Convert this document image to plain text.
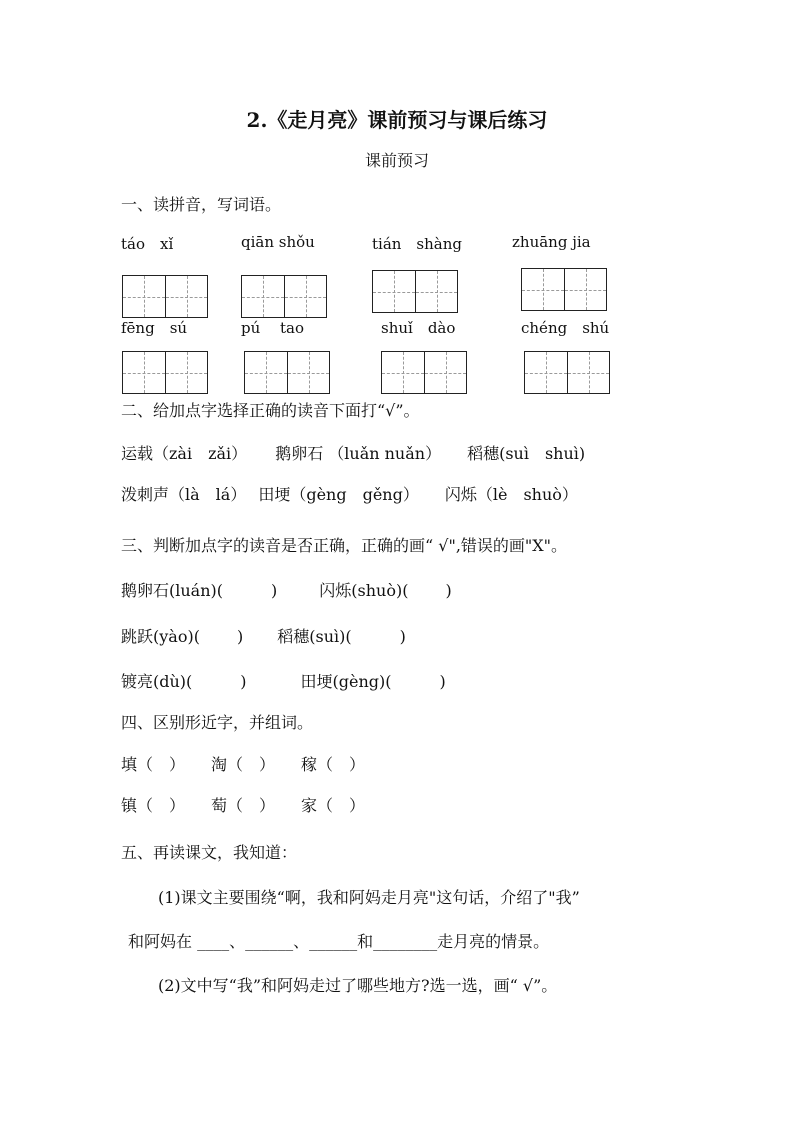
2.《走月亮》课前预习与课后练习
课前预习
一、读拼音，写词语。
táo　xǐ	qiān shǒu	tián　shàng	zhuāng jia
fēng　sú	pú　 tao	shuǐ　dào	chéng　shú
二、给加点字选择正确的读音下面打“√”。
运载（zài　zǎi） 鹅卵石 （luǎn nuǎn） 稻穗(suì　shuì)
泼刺声（là　lá） 田埂（gèng　gěng） 闪烁（lè　shuò）
三、判断加点字的读音是否正确，正确的画“ √",错误的画"X"。
鹅卵石(luán)(　　　)	闪烁(shuò)(　　 )
跳跃(yào)(　　 ) 稻穗(suì)(　　　)
镀亮(dù)(　　　)	田埂(gèng)(　　　)
四、区别形近字，并组词。
填（　） 淘（　） 稼（　）
镇（　） 萄（　） 家（　）
五、再读课文，我知道：
(1)课文主要围绕“啊，我和阿妈走月亮"这句话，介绍了"我”
和阿妈在 ____、______、______和________走月亮的情景。
(2)文中写“我”和阿妈走过了哪些地方?选一选，画“ √”。
